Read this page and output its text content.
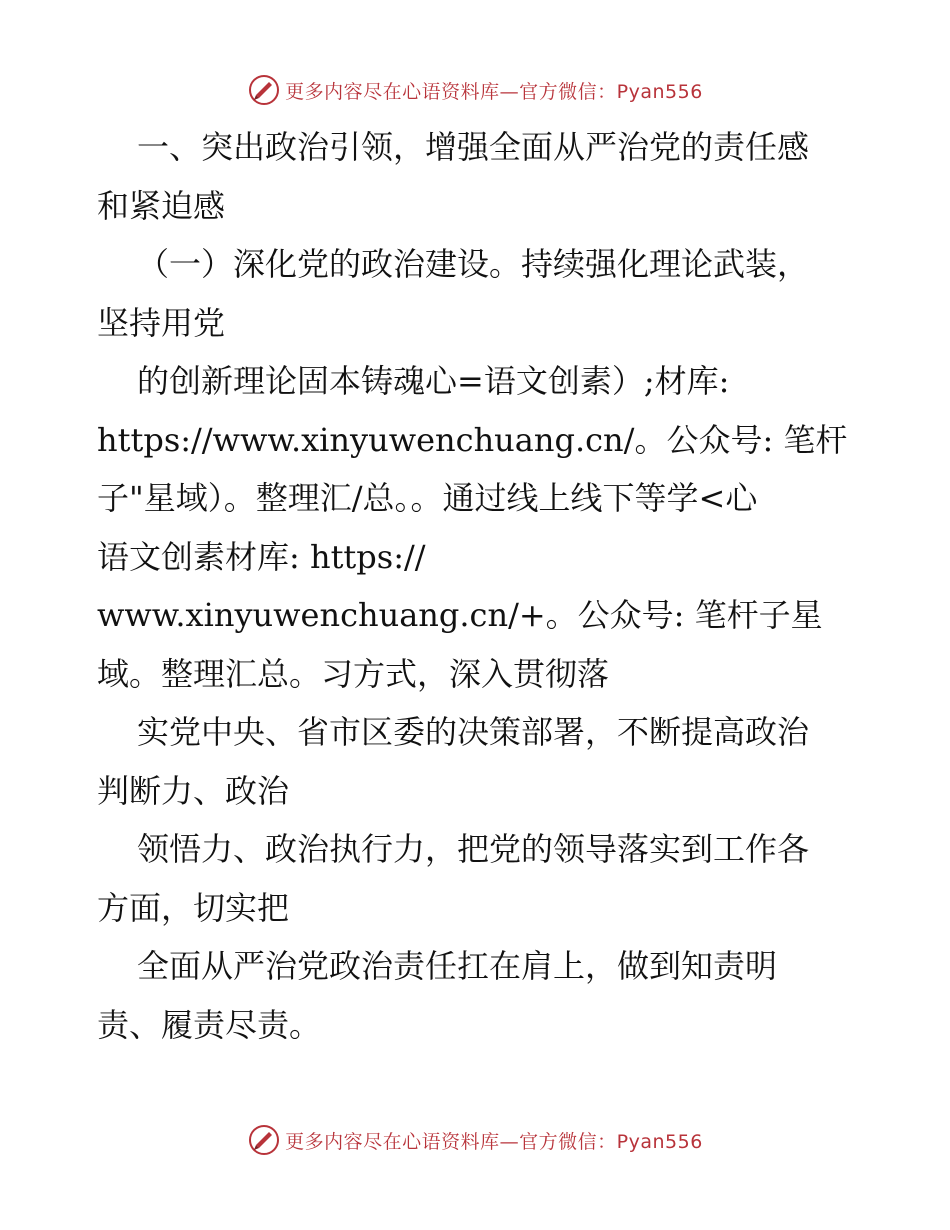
更多内容尽在心语资料库—官方微信：Pyan556
一、突出政治引领，增强全面从严治党的责任感
和紧迫感
（一）深化党的政治建设。持续强化理论武装，
坚持用党
的创新理论固本铸魂心=语文创素）;材库:
https://www.xinyuwenchuang.cn/。公众号: 笔杆
子"星域）。整理汇/总。。通过线上线下等学<心
语文创素材库: https://
www.xinyuwenchuang.cn/+。公众号: 笔杆子星
域。整理汇总。习方式，深入贯彻落
实党中央、省市区委的决策部署，不断提高政治
判断力、政治
领悟力、政治执行力，把党的领导落实到工作各
方面，切实把
全面从严治党政治责任扛在肩上，做到知责明
责、履责尽责。
更多内容尽在心语资料库—官方微信：Pyan556
